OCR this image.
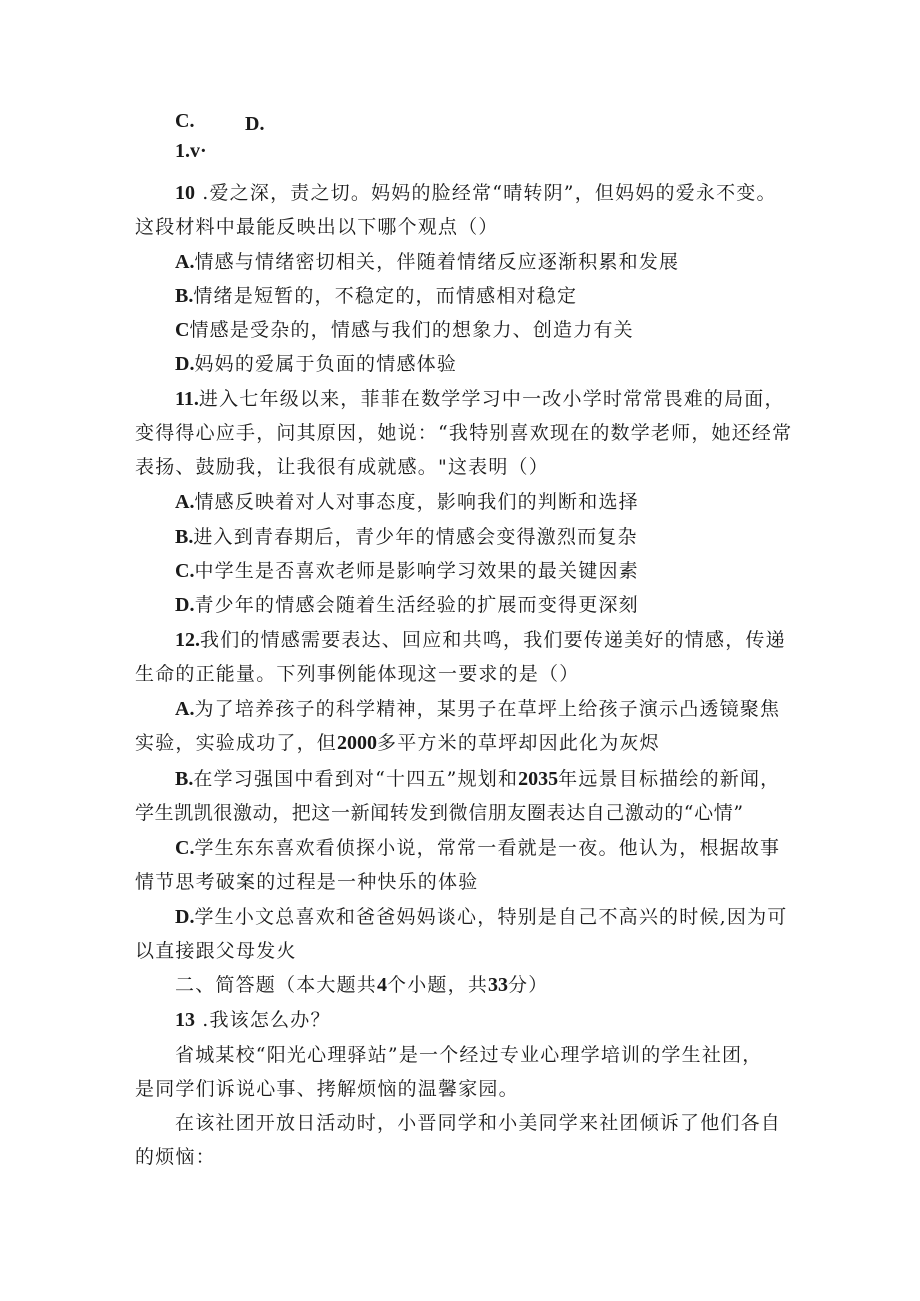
C.	D.
1.v·
10 .爱之深，责之切。妈妈的脸经常“晴转阴”，但妈妈的爱永不变。
这段材料中最能反映出以下哪个观点（）
A.情感与情绪密切相关，伴随着情绪反应逐渐积累和发展
B.情绪是短暂的，不稳定的，而情感相对稳定
C情感是受杂的，情感与我们的想象力、创造力有关
D.妈妈的爱属于负面的情感体验
11.进入七年级以来，菲菲在数学学习中一改小学时常常畏难的局面，
变得得心应手，问其原因，她说：“我特别喜欢现在的数学老师，她还经常
表扬、鼓励我，让我很有成就感。"这表明（）
A.情感反映着对人对事态度，影响我们的判断和选择
B.进入到青春期后，青少年的情感会变得激烈而复杂
C.中学生是否喜欢老师是影响学习效果的最关键因素
D.青少年的情感会随着生活经验的扩展而变得更深刻
12.我们的情感需要表达、回应和共鸣，我们要传递美好的情感，传递
生命的正能量。下列事例能体现这一要求的是（）
A.为了培养孩子的科学精神，某男子在草坪上给孩子演示凸透镜聚焦
实验，实验成功了，但2000多平方米的草坪却因此化为灰烬
B.在学习强国中看到对“十四五”规划和2035年远景目标描绘的新闻，
学生凯凯很激动，把这一新闻转发到微信朋友圈表达自己激动的“心情”
C.学生东东喜欢看侦探小说，常常一看就是一夜。他认为，根据故事
情节思考破案的过程是一种快乐的体验
D.学生小文总喜欢和爸爸妈妈谈心，特别是自己不高兴的时候,因为可
以直接跟父母发火
二、简答题（本大题共4个小题，共33分）
13 .我该怎么办？
省城某校“阳光心理驿站”是一个经过专业心理学培训的学生社团，
是同学们诉说心事、拷解烦恼的温馨家园。
在该社团开放日活动时，小晋同学和小美同学来社团倾诉了他们各自
的烦恼：
